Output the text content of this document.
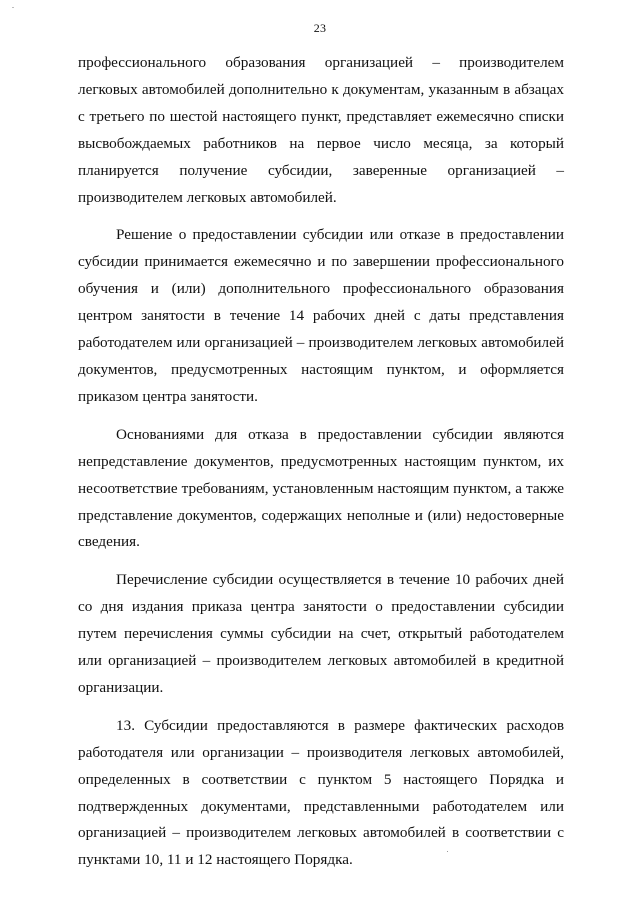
23

профессионального образования организацией – производителем легковых автомобилей дополнительно к документам, указанным в абзацах с третьего по шестой настоящего пункт, представляет ежемесячно списки высвобождаемых работников на первое число месяца, за который планируется получение субсидии, заверенные организацией – производителем легковых автомобилей.

Решение о предоставлении субсидии или отказе в предоставлении субсидии принимается ежемесячно и по завершении профессионального обучения и (или) дополнительного профессионального образования центром занятости в течение 14 рабочих дней с даты представления работодателем или организацией – производителем легковых автомобилей документов, предусмотренных настоящим пунктом, и оформляется приказом центра занятости.

Основаниями для отказа в предоставлении субсидии являются непредставление документов, предусмотренных настоящим пунктом, их несоответствие требованиям, установленным настоящим пунктом, а также представление документов, содержащих неполные и (или) недостоверные сведения.

Перечисление субсидии осуществляется в течение 10 рабочих дней со дня издания приказа центра занятости о предоставлении субсидии путем перечисления суммы субсидии на счет, открытый работодателем или организацией – производителем легковых автомобилей в кредитной организации.

13. Субсидии предоставляются в размере фактических расходов работодателя или организации – производителя легковых автомобилей, определенных в соответствии с пунктом 5 настоящего Порядка и подтвержденных документами, представленными работодателем или организацией – производителем легковых автомобилей в соответствии с пунктами 10, 11 и 12 настоящего Порядка.
